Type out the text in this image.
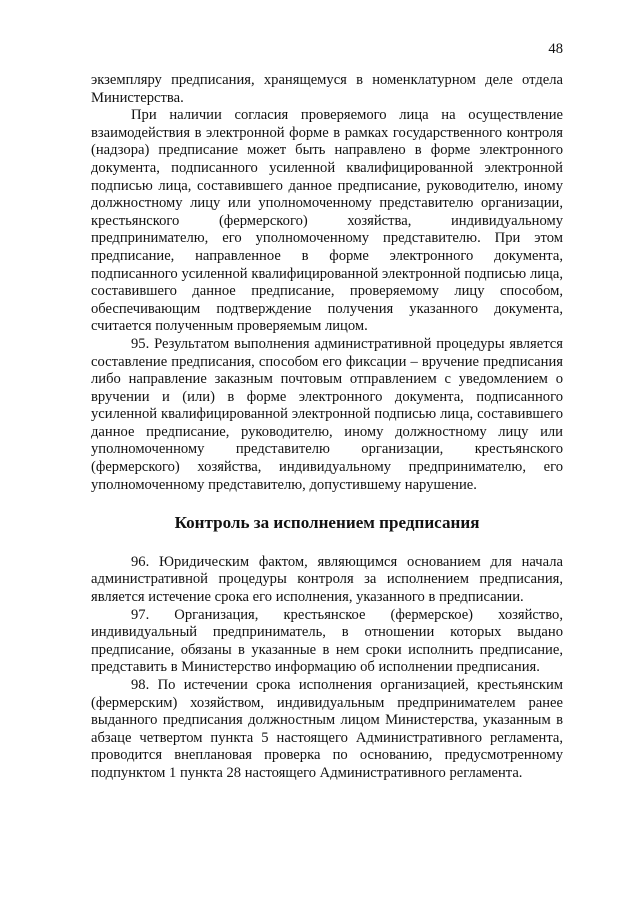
48

экземпляру предписания, хранящемуся в номенклатурном деле отдела Министерства.

При наличии согласия проверяемого лица на осуществление взаимодействия в электронной форме в рамках государственного контроля (надзора) предписание может быть направлено в форме электронного документа, подписанного усиленной квалифицированной электронной подписью лица, составившего данное предписание, руководителю, иному должностному лицу или уполномоченному представителю организации, крестьянского (фермерского) хозяйства, индивидуальному предпринимателю, его уполномоченному представителю. При этом предписание, направленное в форме электронного документа, подписанного усиленной квалифицированной электронной подписью лица, составившего данное предписание, проверяемому лицу способом, обеспечивающим подтверждение получения указанного документа, считается полученным проверяемым лицом.

95. Результатом выполнения административной процедуры является составление предписания, способом его фиксации – вручение предписания либо направление заказным почтовым отправлением с уведомлением о вручении и (или) в форме электронного документа, подписанного усиленной квалифицированной электронной подписью лица, составившего данное предписание, руководителю, иному должностному лицу или уполномоченному представителю организации, крестьянского (фермерского) хозяйства, индивидуальному предпринимателю, его уполномоченному представителю, допустившему нарушение.

Контроль за исполнением предписания

96. Юридическим фактом, являющимся основанием для начала административной процедуры контроля за исполнением предписания, является истечение срока его исполнения, указанного в предписании.

97. Организация, крестьянское (фермерское) хозяйство, индивидуальный предприниматель, в отношении которых выдано предписание, обязаны в указанные в нем сроки исполнить предписание, представить в Министерство информацию об исполнении предписания.

98. По истечении срока исполнения организацией, крестьянским (фермерским) хозяйством, индивидуальным предпринимателем ранее выданного предписания должностным лицом Министерства, указанным в абзаце четвертом пункта 5 настоящего Административного регламента, проводится внеплановая проверка по основанию, предусмотренному подпунктом 1 пункта 28 настоящего Административного регламента.
